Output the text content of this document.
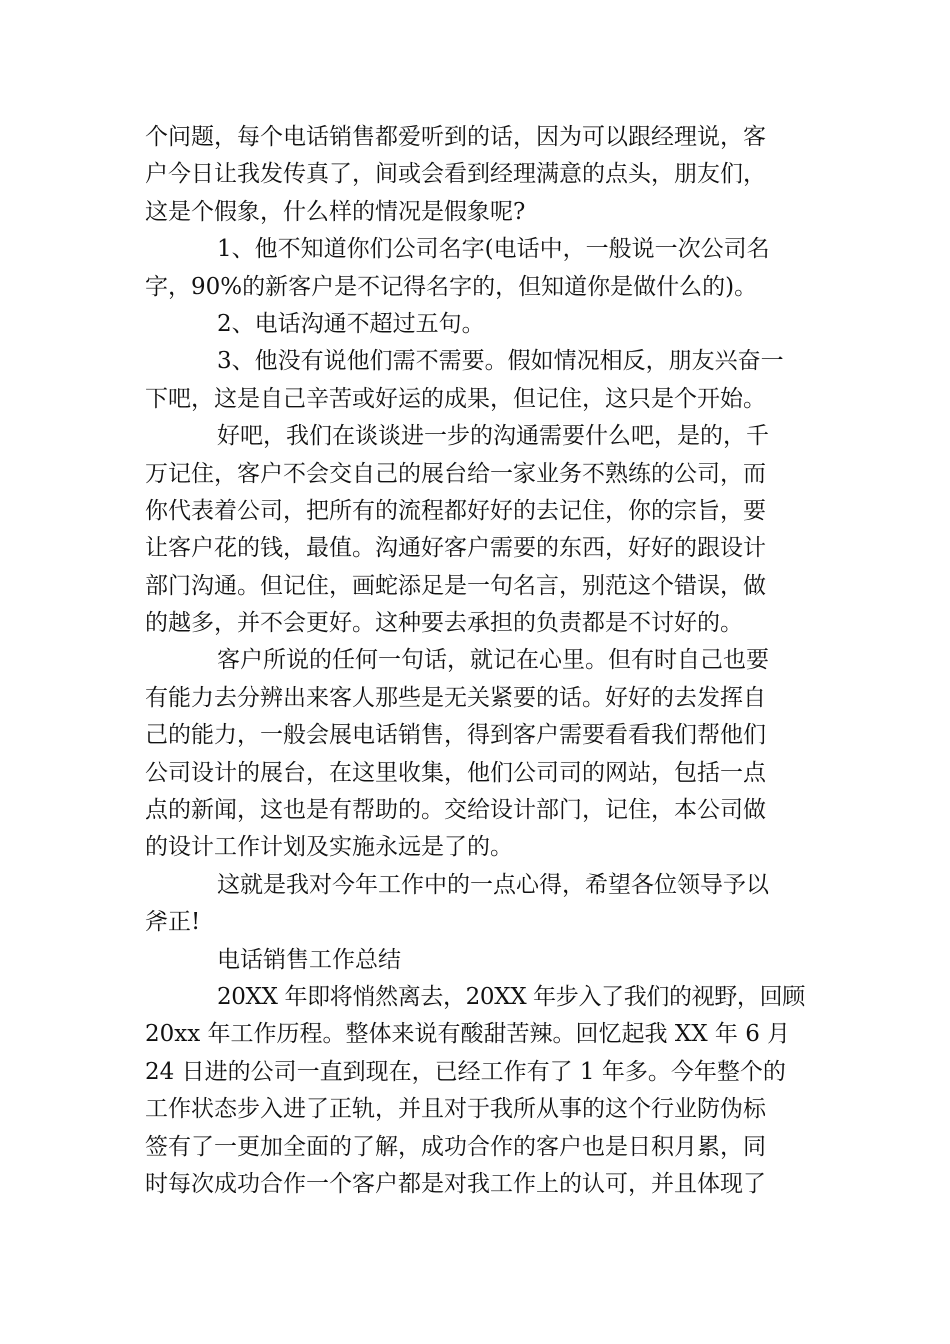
个问题，每个电话销售都爱听到的话，因为可以跟经理说，客
户今日让我发传真了，间或会看到经理满意的点头，朋友们，
这是个假象，什么样的情况是假象呢?
1、他不知道你们公司名字(电话中，一般说一次公司名
字，90%的新客户是不记得名字的，但知道你是做什么的)。
2、电话沟通不超过五句。
3、他没有说他们需不需要。假如情况相反，朋友兴奋一
下吧，这是自己辛苦或好运的成果，但记住，这只是个开始。
好吧，我们在谈谈进一步的沟通需要什么吧，是的，千
万记住，客户不会交自己的展台给一家业务不熟练的公司，而
你代表着公司，把所有的流程都好好的去记住，你的宗旨，要
让客户花的钱，最值。沟通好客户需要的东西，好好的跟设计
部门沟通。但记住，画蛇添足是一句名言，别范这个错误，做
的越多，并不会更好。这种要去承担的负责都是不讨好的。
客户所说的任何一句话，就记在心里。但有时自己也要
有能力去分辨出来客人那些是无关紧要的话。好好的去发挥自
己的能力，一般会展电话销售，得到客户需要看看我们帮他们
公司设计的展台，在这里收集，他们公司司的网站，包括一点
点的新闻，这也是有帮助的。交给设计部门，记住，本公司做
的设计工作计划及实施永远是了的。
这就是我对今年工作中的一点心得，希望各位领导予以
斧正!
电话销售工作总结
20XX 年即将悄然离去，20XX 年步入了我们的视野，回顾
20xx 年工作历程。整体来说有酸甜苦辣。回忆起我 XX 年 6 月
24 日进的公司一直到现在，已经工作有了 1 年多。今年整个的
工作状态步入进了正轨，并且对于我所从事的这个行业防伪标
签有了一更加全面的了解，成功合作的客户也是日积月累，同
时每次成功合作一个客户都是对我工作上的认可，并且体现了
